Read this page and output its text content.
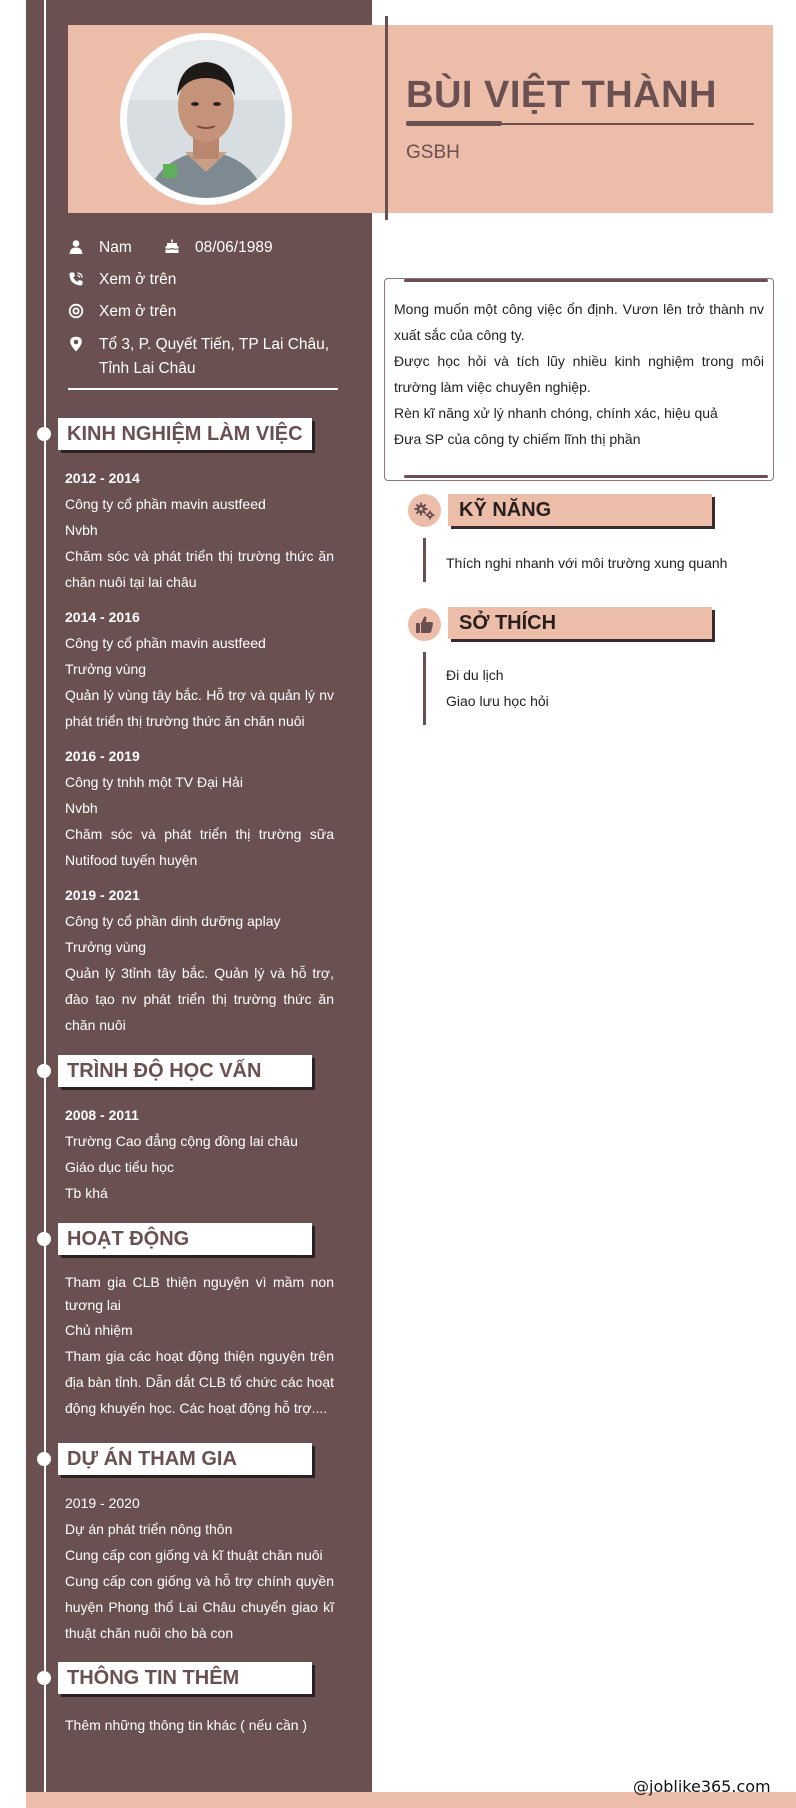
BÙI VIỆT THÀNH
GSBH
Nam	08/06/1989
Xem ở trên
Xem ở trên
Tổ 3, P. Quyết Tiến, TP Lai Châu,
Tỉnh Lai Châu
KINH NGHIỆM LÀM VIỆC
2012 - 2014
Công ty cổ phần mavin austfeed
Nvbh
Chăm sóc và phát triển thị trường thức ăn chăn nuôi tại lai châu
2014 - 2016
Công ty cổ phần mavin austfeed
Trưởng vùng
Quản lý vùng tây bắc. Hỗ trợ và quản lý nv phát triển thị trường thức ăn chăn nuôi
2016 - 2019
Công ty tnhh một TV Đại Hải
Nvbh
Chăm sóc và phát triển thị trường sữa Nutifood tuyến huyện
2019 - 2021
Công ty cổ phần dinh dưỡng aplay
Trưởng vùng
Quản lý 3tỉnh tây bắc. Quản lý và hỗ trợ, đào tạo nv phát triển thị trường thức ăn chăn nuôi
TRÌNH ĐỘ HỌC VẤN
2008 - 2011
Trường Cao đẳng cộng đồng lai châu
Giáo dục tiểu học
Tb khá
HOẠT ĐỘNG
Tham gia CLB thiện nguyện vì mầm non tương lai
Chủ nhiệm
Tham gia các hoạt động thiện nguyện trên địa bàn tỉnh. Dẫn dắt CLB tổ chức các hoạt động khuyến học. Các hoạt động hỗ trợ....
DỰ ÁN THAM GIA
2019 - 2020
Dự án phát triển nông thôn
Cung cấp con giống và kĩ thuật chăn nuôi
Cung cấp con giống và hỗ trợ chính quyền huyện Phong thổ Lai Châu chuyển giao kĩ thuật chăn nuôi cho bà con
THÔNG TIN THÊM
Thêm những thông tin khác ( nếu cần )
Mong muốn một công việc ổn định. Vươn lên trở thành nv xuất sắc của công ty.
Được học hỏi và tích lũy nhiều kinh nghiệm trong môi trường làm việc chuyên nghiệp.
Rèn kĩ năng xử lý nhanh chóng, chính xác, hiệu quả
Đưa SP của công ty chiếm lĩnh thị phần
KỸ NĂNG
Thích nghi nhanh với môi trường xung quanh
SỞ THÍCH
Đi du lịch
Giao lưu học hỏi
@joblike365.com
